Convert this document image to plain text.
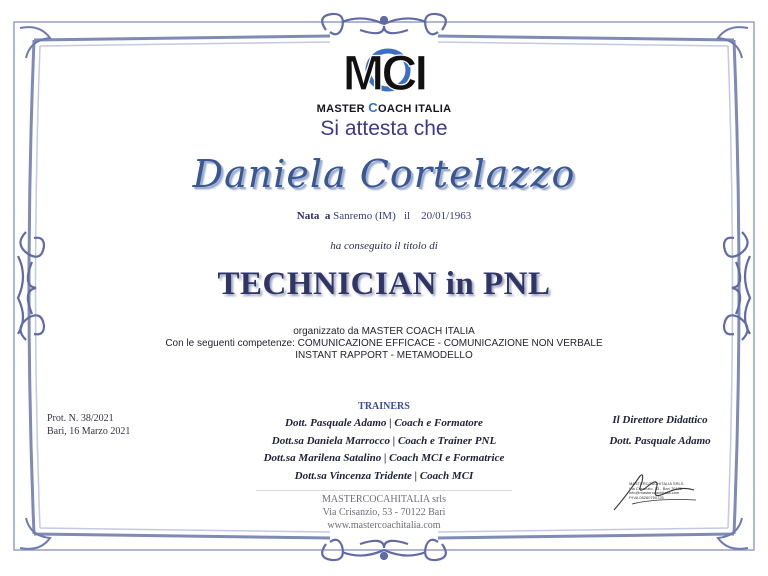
MCI
MASTER COACH ITALIA
Si attesta che
Daniela Cortelazzo
Nata a Sanremo (IM) il 20/01/1963
ha conseguito il titolo di
TECHNICIAN in PNL
organizzato da MASTER COACH ITALIA
Con le seguenti competenze: COMUNICAZIONE EFFICACE - COMUNICAZIONE NON VERBALE
INSTANT RAPPORT - METAMODELLO
Prot. N. 38/2021
Bari, 16 Marzo 2021
TRAINERS
Dott. Pasquale Adamo | Coach e Formatore
Dott.sa Daniela Marrocco | Coach e Trainer PNL
Dott.sa Marilena Satalino | Coach MCI e Formatrice
Dott.sa Vincenza Tridente | Coach MCI
Il Direttore Didattico
Dott. Pasquale Adamo
MASTERCOCAHITALIA srls
Via Crisanzio, 53 - 70122 Bari
www.mastercoachitalia.com
MASTERCOACHITALIA SRLS
Via Crisanzio, 53 - Bari 70122
info@mastercoachitalia.com
P.IVA 08260760725
